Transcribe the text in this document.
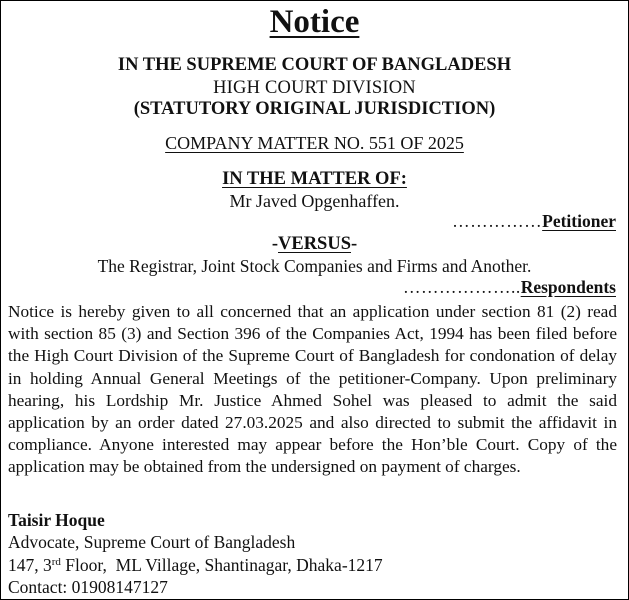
Notice
IN THE SUPREME COURT OF BANGLADESH
HIGH COURT DIVISION
(STATUTORY ORIGINAL JURISDICTION)
COMPANY MATTER NO. 551 OF 2025
IN THE MATTER OF:
Mr Javed Opgenhaffen.
……………Petitioner
-VERSUS-
The Registrar, Joint Stock Companies and Firms and Another.
………………..Respondents
Notice is hereby given to all concerned that an application under section 81 (2) read with section 85 (3) and Section 396 of the Companies Act, 1994 has been filed before the High Court Division of the Supreme Court of Bangladesh for condonation of delay in holding Annual General Meetings of the petitioner-Company. Upon preliminary hearing, his Lordship Mr. Justice Ahmed Sohel was pleased to admit the said application by an order dated 27.03.2025 and also directed to submit the affidavit in compliance. Anyone interested may appear before the Hon’ble Court. Copy of the application may be obtained from the undersigned on payment of charges.
Taisir Hoque
Advocate, Supreme Court of Bangladesh
147, 3rd Floor,  ML Village, Shantinagar, Dhaka-1217
Contact: 01908147127
